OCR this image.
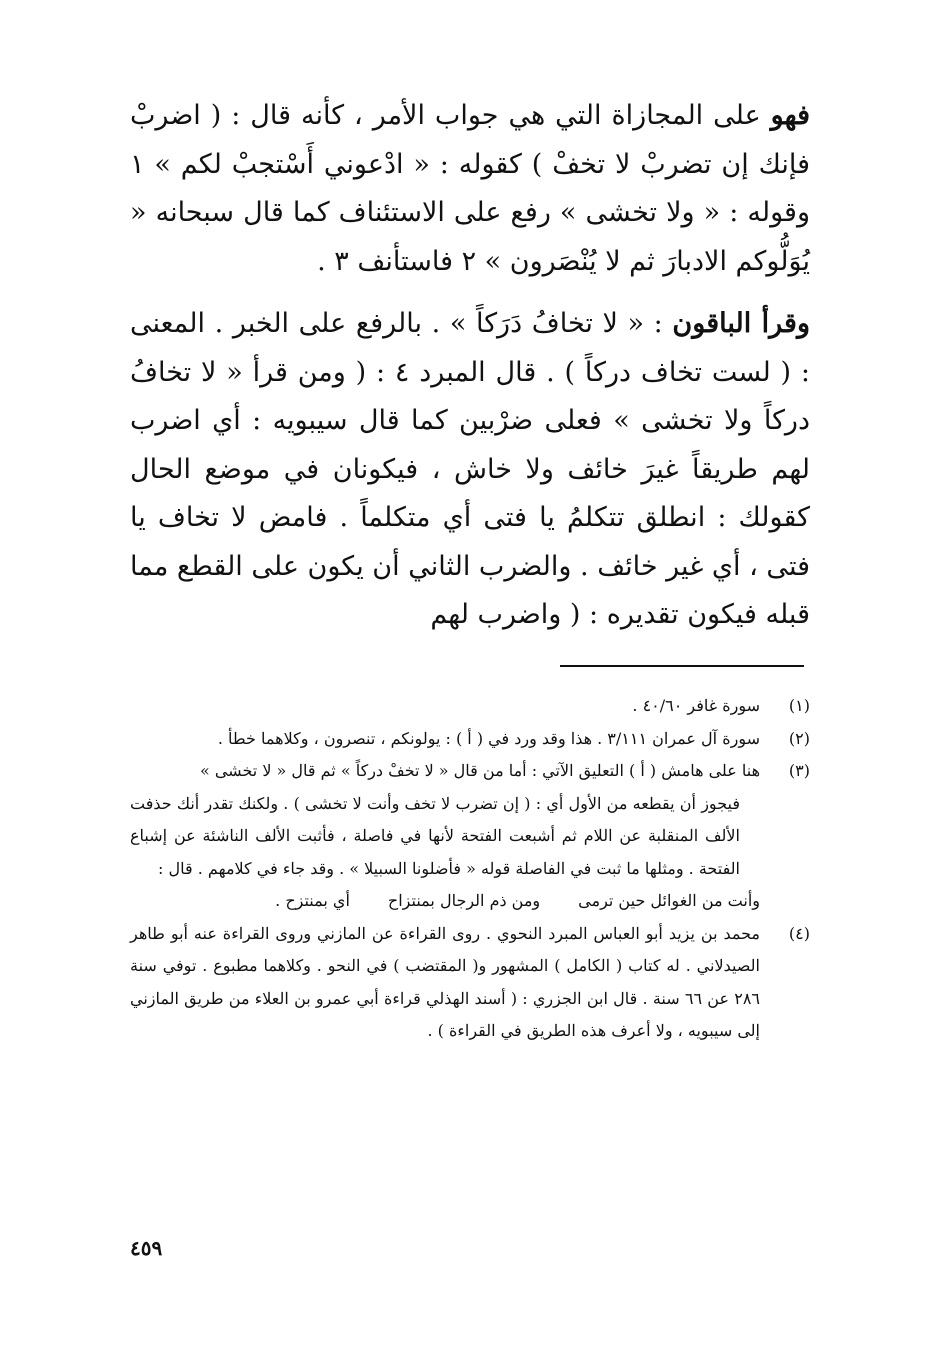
فهو على المجازاة التي هي جواب الأمر ، كأنه قال : ( اضربْ فإنك إن تضربْ لا تخفْ ) كقوله : « ادْعوني أَسْتجبْ لكم » ١ وقوله : « ولا تخشى » رفع على الاستئناف كما قال سبحانه « يُوَلُّوكم الادبارَ ثم لا يُنْصَرون » ٢ فاستأنف ٣ .

وقرأ الباقون : « لا تخافُ دَرَكاً » . بالرفع على الخبر . المعنى : ( لست تخاف دركاً ) . قال المبرد ٤ : ( ومن قرأ « لا تخافُ دركاً ولا تخشى » فعلى ضرْبين كما قال سيبويه : أي اضرب لهم طريقاً غيرَ خائف ولا خاش ، فيكونان في موضع الحال كقولك : انطلق تتكلمُ يا فتى أي متكلماً . فامض لا تخاف يا فتى ، أي غير خائف . والضرب الثاني أن يكون على القطع مما قبله فيكون تقديره : ( واضرب لهم

(١)
سورة غافر ٤٠/٦٠ .
(٢)
سورة آل عمران ٣/١١١ . هذا وقد ورد في ( أ ) : يولونكم ، تنصرون ، وكلاهما خطأ .
(٣)
هنا على هامش ( أ ) التعليق الآتي : أما من قال « لا تخفْ دركاً » ثم قال « لا تخشى »
فيجوز أن يقطعه من الأول أي : ( إن تضرب لا تخف وأنت لا تخشى ) . ولكنك تقدر أنك حذفت الألف المنقلبة عن اللام ثم أشبعت الفتحة لأنها في فاصلة ، فأثبت الألف الناشئة عن إشباع الفتحة . ومثلها ما ثبت في الفاصلة قوله « فأضلونا السبيلا » . وقد جاء في كلامهم . قال :
وأنت من الغوائل حين ترمىومن ذم الرجال بمنتزاحأي بمنتزح .
(٤)
محمد بن يزيد أبو العباس المبرد النحوي . روى القراءة عن المازني وروى القراءة عنه أبو طاهر الصيدلاني . له كتاب ( الكامل ) المشهور و( المقتضب ) في النحو . وكلاهما مطبوع . توفي سنة ٢٨٦ عن ٦٦ سنة . قال ابن الجزري : ( أسند الهذلي قراءة أبي عمرو بن العلاء من طريق المازني إلى سيبويه ، ولا أعرف هذه الطريق في القراءة ) .
٤٥٩
